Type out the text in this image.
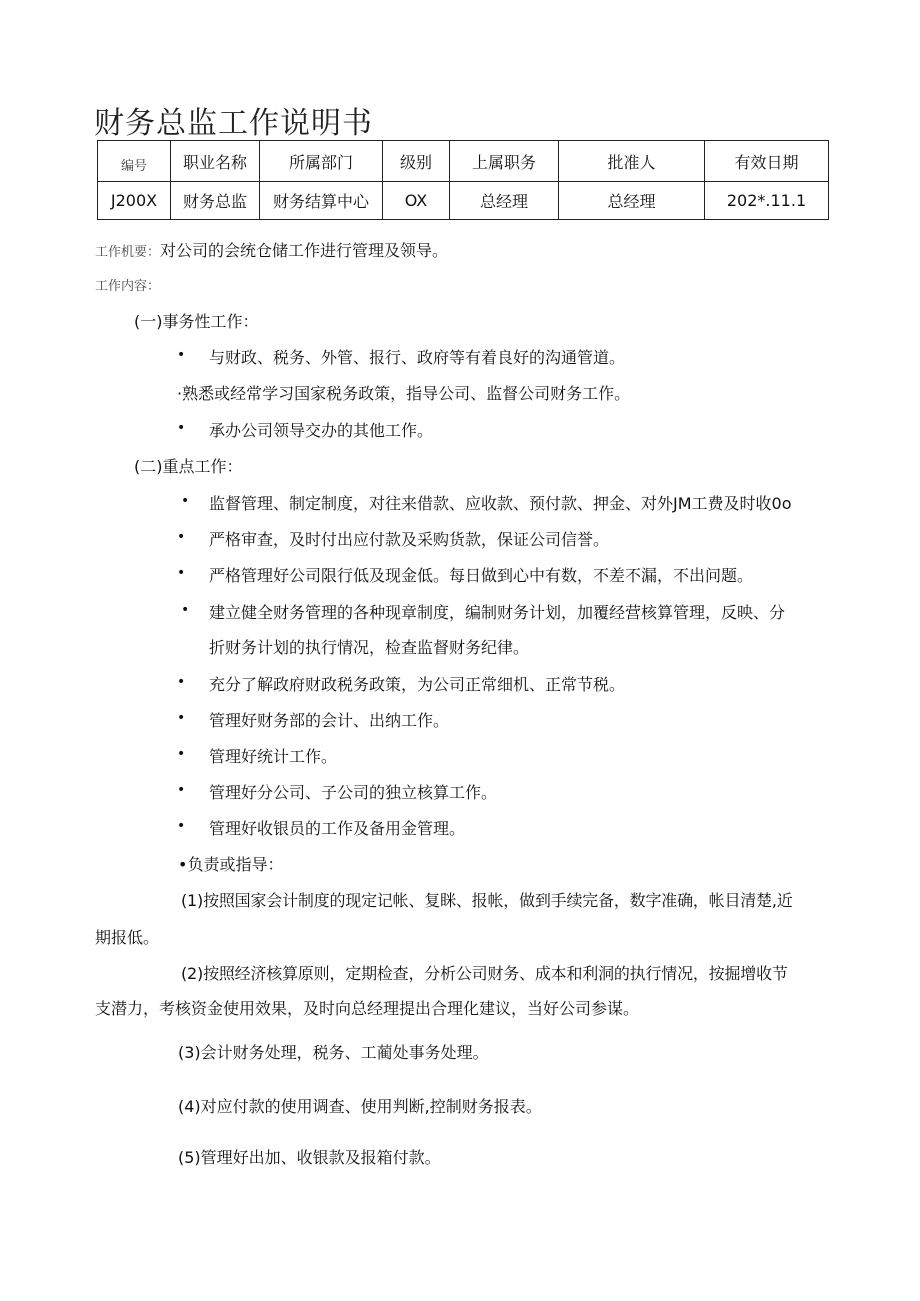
财务总监工作说明书
编号	职业名称	所属部门	级别	上属职务	批准人	有效日期
J200X	财务总监	财务结算中心	OX	总经理	总经理	202*.11.1
工作机要：对公司的会统仓储工作进行管理及领导。
工作内容：
(一)事务性工作：
• 与财政、税务、外管、报行、政府等有着良好的沟通管道。
·熟悉或经常学习国家税务政策，指导公司、监督公司财务工作。
• 承办公司领导交办的其他工作。
(二)重点工作：
• 监督管理、制定制度，对往来借款、应收款、预付款、押金、对外JM工费及时收0o
• 严格审查，及时付出应付款及采购货款，保证公司信誉。
• 严格管理好公司限行低及现金低。每日做到心中有数，不差不漏，不出问题。
• 建立健全财务管理的各种现章制度，编制财务计划，加覆经营核算管理，反映、分
折财务计划的执行情况，检查监督财务纪律。
• 充分了解政府财政税务政策，为公司正常细机、正常节税。
• 管理好财务部的会计、出纳工作。
• 管理好统计工作。
• 管理好分公司、子公司的独立核算工作。
• 管理好收银员的工作及备用金管理。
•负责或指导：
(1)按照国家会计制度的现定记帐、复眯、报帐，做到手续完备，数字准确，帐目清楚,近
期报低。
(2)按照经济核算原则，定期检查，分析公司财务、成本和利洞的执行情况，按掘增收节
支潜力，考核资金使用效果，及时向总经理提出合理化建议，当好公司参谋。
(3)会计财务处理，税务、工蔺处事务处理。
(4)对应付款的使用调查、使用判断,控制财务报表。
(5)管理好出加、收银款及报箱付款。
